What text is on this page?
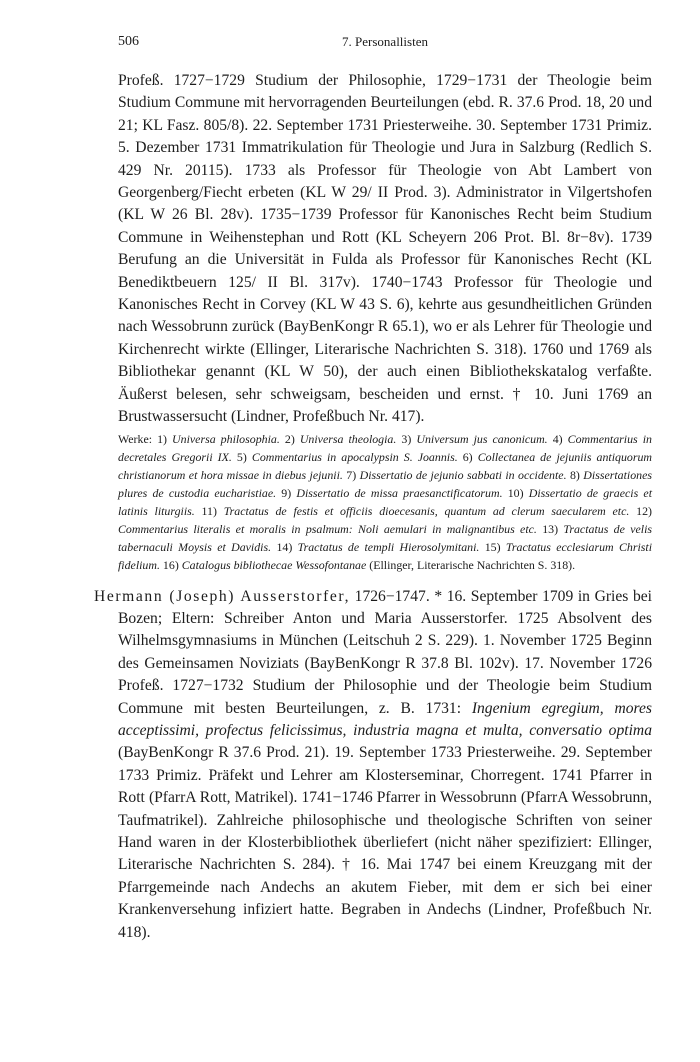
506	7. Personallisten

Profeß. 1727−1729 Studium der Philosophie, 1729−1731 der Theologie beim Studium Commune mit hervorragenden Beurteilungen (ebd. R. 37.6 Prod. 18, 20 und 21; KL Fasz. 805/8). 22. September 1731 Priesterweihe. 30. September 1731 Primiz. 5. Dezember 1731 Immatrikulation für Theologie und Jura in Salzburg (Redlich S. 429 Nr. 20115). 1733 als Professor für Theologie von Abt Lambert von Georgenberg/Fiecht erbeten (KL W 29/ II Prod. 3). Administrator in Vilgertshofen (KL W 26 Bl. 28v). 1735−1739 Professor für Kanonisches Recht beim Studium Commune in Weihenstephan und Rott (KL Scheyern 206 Prot. Bl. 8r−8v). 1739 Berufung an die Universität in Fulda als Professor für Kanonisches Recht (KL Benediktbeuern 125/ II Bl. 317v). 1740−1743 Professor für Theologie und Kanonisches Recht in Corvey (KL W 43 S. 6), kehrte aus gesundheitlichen Gründen nach Wessobrunn zurück (BayBenKongr R 65.1), wo er als Lehrer für Theologie und Kirchenrecht wirkte (Ellinger, Literarische Nachrichten S. 318). 1760 und 1769 als Bibliothekar genannt (KL W 50), der auch einen Bibliothekskatalog verfaßte. Äußerst belesen, sehr schweigsam, bescheiden und ernst. † 10. Juni 1769 an Brustwassersucht (Lindner, Profeßbuch Nr. 417).

Werke: 1) Universa philosophia. 2) Universa theologia. 3) Universum jus canonicum. 4) Commentarius in decretales Gregorii IX. 5) Commentarius in apocalypsin S. Joannis. 6) Collectanea de jejuniis antiquorum christianorum et hora missae in diebus jejunii. 7) Dissertatio de jejunio sabbati in occidente. 8) Dissertationes plures de custodia eucharistiae. 9) Dissertatio de missa praesanctificatorum. 10) Dissertatio de graecis et latinis liturgiis. 11) Tractatus de festis et officiis dioecesanis, quantum ad clerum saecularem etc. 12) Commentarius literalis et moralis in psalmum: Noli aemulari in malignantibus etc. 13) Tractatus de velis tabernaculi Moysis et Davidis. 14) Tractatus de templi Hierosolymitani. 15) Tractatus ecclesiarum Christi fidelium. 16) Catalogus bibliothecae Wessofontanae (Ellinger, Literarische Nachrichten S. 318).

Hermann (Joseph) Ausserstorfer, 1726−1747. * 16. September 1709 in Gries bei Bozen; Eltern: Schreiber Anton und Maria Ausserstorfer. 1725 Absolvent des Wilhelmsgymnasiums in München (Leitschuh 2 S. 229). 1. November 1725 Beginn des Gemeinsamen Noviziats (BayBenKongr R 37.8 Bl. 102v). 17. November 1726 Profeß. 1727−1732 Studium der Philosophie und der Theologie beim Studium Commune mit besten Beurteilungen, z. B. 1731: Ingenium egregium, mores acceptissimi, profectus felicissimus, industria magna et multa, conversatio optima (BayBenKongr R 37.6 Prod. 21). 19. September 1733 Priesterweihe. 29. September 1733 Primiz. Präfekt und Lehrer am Klosterseminar, Chorregent. 1741 Pfarrer in Rott (PfarrA Rott, Matrikel). 1741−1746 Pfarrer in Wessobrunn (PfarrA Wessobrunn, Taufmatrikel). Zahlreiche philosophische und theologische Schriften von seiner Hand waren in der Klosterbibliothek überliefert (nicht näher spezifiziert: Ellinger, Literarische Nachrichten S. 284). † 16. Mai 1747 bei einem Kreuzgang mit der Pfarrgemeinde nach Andechs an akutem Fieber, mit dem er sich bei einer Krankenversehung infiziert hatte. Begraben in Andechs (Lindner, Profeßbuch Nr. 418).
